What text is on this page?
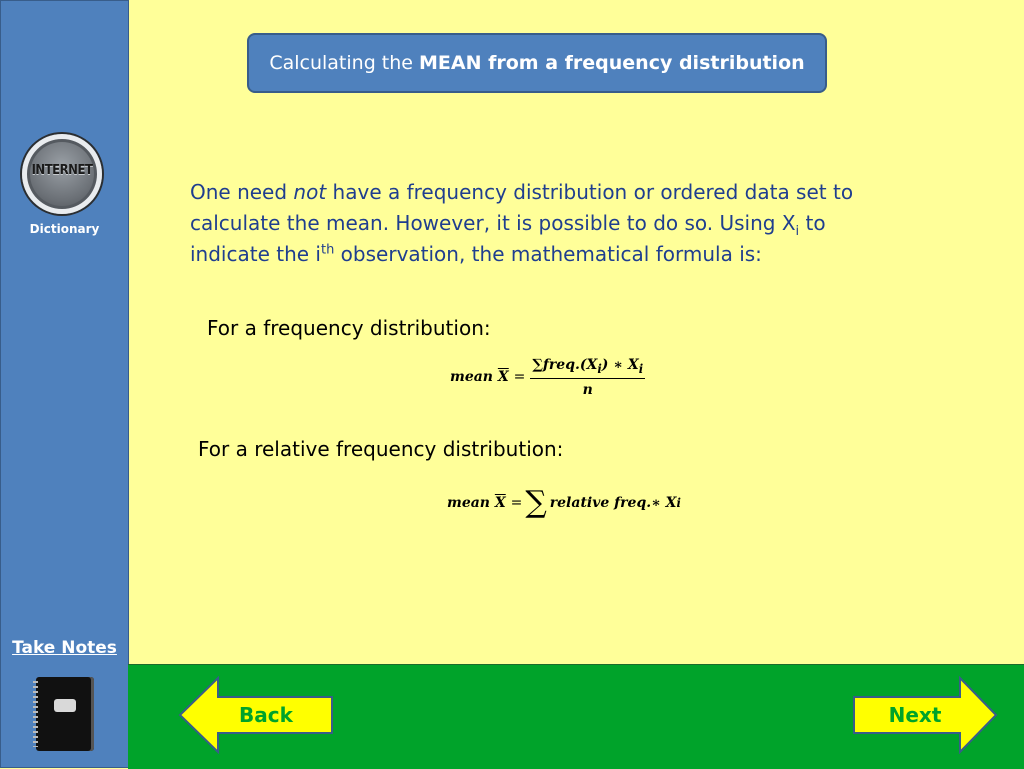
INTERNET
Dictionary
Take Notes
Calculating the MEAN from a frequency distribution
One need not have a frequency distribution or ordered data set to calculate the mean. However, it is possible to do so. Using $X_i$ to indicate the $i^{th}$ observation, the mathematical formula is:
For a frequency distribution:
mean
$\overline{X}$
= $\frac{\sum freq.(X_i) ∗ X_i}{n}$
For a relative frequency distribution:
mean
$\overline{X}$
= ∑ relative freq.∗ X i
Back	Next
